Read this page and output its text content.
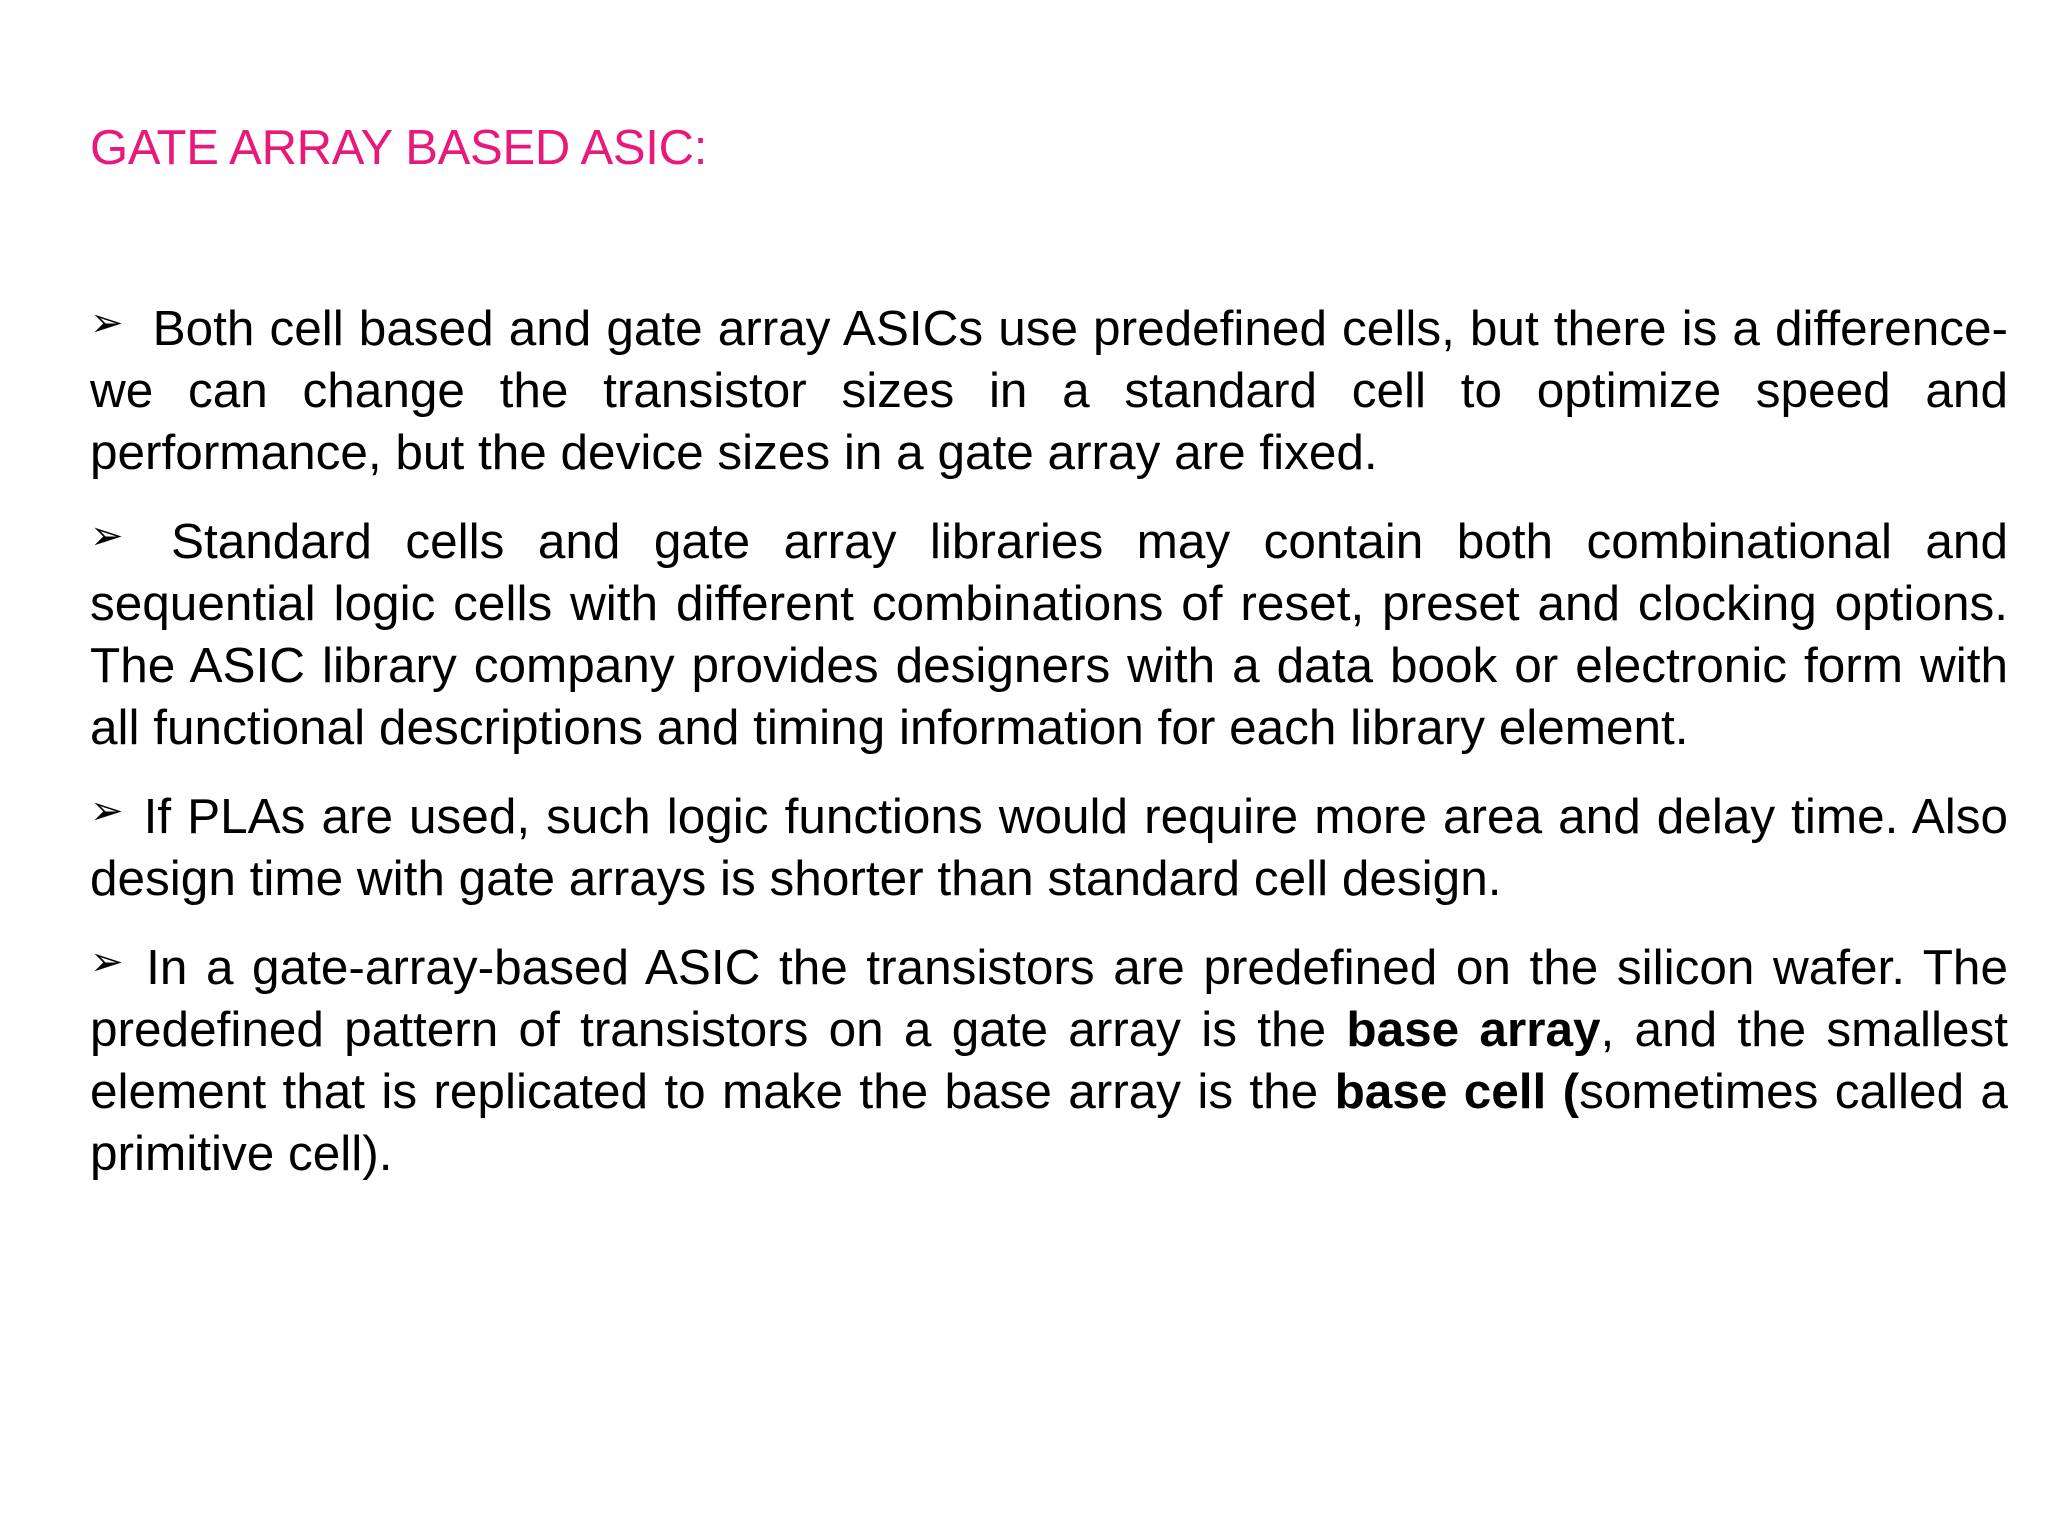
GATE ARRAY BASED ASIC:
➢ Both cell based and gate array ASICs use predefined cells, but there is a difference- we can change the transistor sizes in a standard cell to optimize speed and performance, but the device sizes in a gate array are fixed.
➢ Standard cells and gate array libraries may contain both combinational and sequential logic cells with different combinations of reset, preset and clocking options. The ASIC library company provides designers with a data book or electronic form with all functional descriptions and timing information for each library element.
➢ If PLAs are used, such logic functions would require more area and delay time. Also design time with gate arrays is shorter than standard cell design.
➢ In a gate-array-based ASIC the transistors are predefined on the silicon wafer. The predefined pattern of transistors on a gate array is the base array, and the smallest element that is replicated to make the base array is the base cell (sometimes called a primitive cell).
